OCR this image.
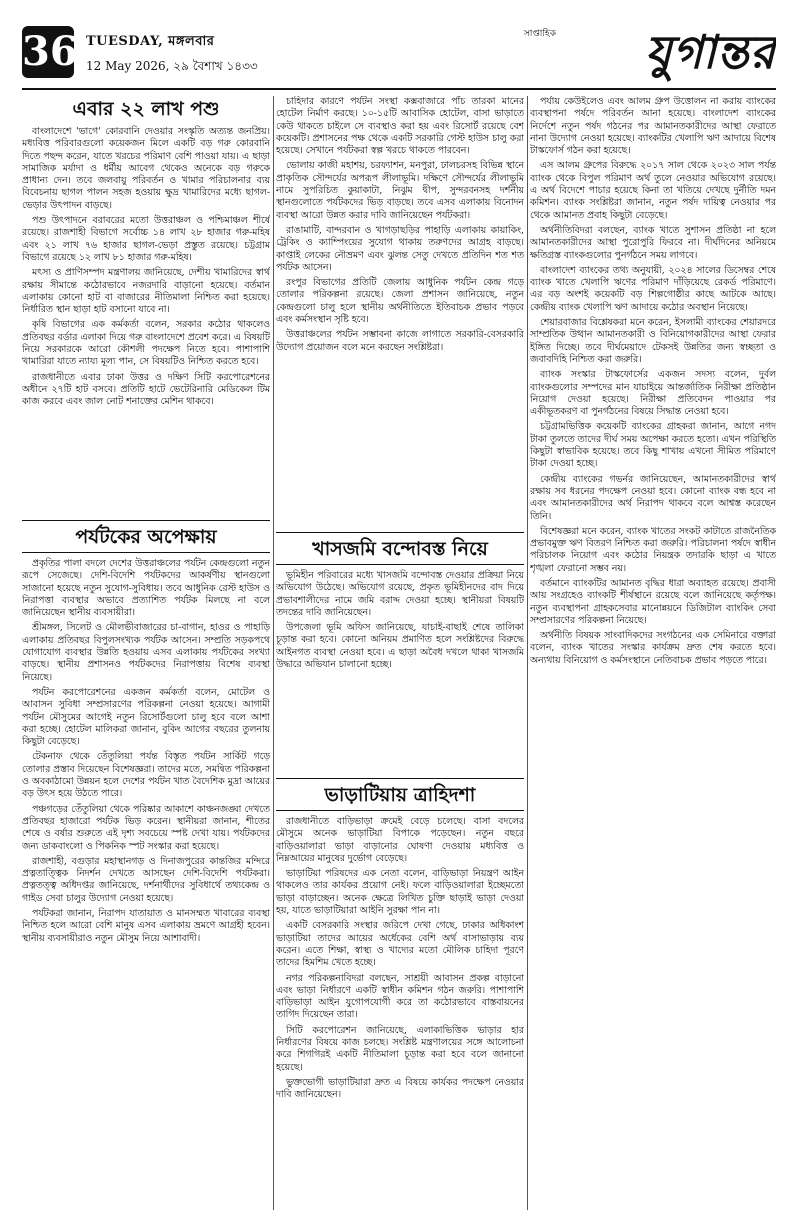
36 TUESDAY, মঙ্গলবার
12 May 2026, ২৯ বৈশাখ ১৪৩৩
সাপ্তাহিক যুগান্তর
এবার ২২ লাখ পশু

বাংলাদেশে 'ভাগে' কোরবানি দেওয়ার সংস্কৃতি অত্যন্ত জনপ্রিয়। মধ্যবিত্ত পরিবারগুলো কয়েকজন মিলে একটি বড় গরু কোরবানি দিতে পছন্দ করেন, যাতে খরচের পরিমাণ বেশি পাওয়া যায়। এ ছাড়া সামাজিক মর্যাদা ও ধর্মীয় আবেগ থেকেও অনেকে বড় গরুকে প্রাধান্য দেন। তবে জলবায়ু পরিবর্তন ও খামার পরিচালনার ব্যয় বিবেচনায় ছাগল পালন সহজ হওয়ায় ক্ষুদ্র খামারিদের মধ্যে ছাগল-ভেড়ার উৎপাদন বাড়ছে।

পশু উৎপাদনে বরাবরের মতো উত্তরাঞ্চল ও পশ্চিমাঞ্চল শীর্ষে রয়েছে। রাজশাহী বিভাগে সর্বোচ্চ ১৪ লাখ ২৮ হাজার গরু-মহিষ এবং ২১ লাখ ৭৬ হাজার ছাগল-ভেড়া প্রস্তুত রয়েছে। চট্টগ্রাম বিভাগে রয়েছে ১২ লাখ ৮১ হাজার গরু-মহিষ।

মৎস্য ও প্রাণিসম্পদ মন্ত্রণালয় জানিয়েছে, দেশীয় খামারিদের স্বার্থ রক্ষায় সীমান্তে কঠোরভাবে নজরদারি বাড়ানো হয়েছে। বর্তমান এলাকায় কোনো হাট বা বাজারের নীতিমালা নিশ্চিত করা হয়েছে। নির্ধারিত স্থান ছাড়া হাট বসানো যাবে না।

কৃষি বিভাগের এক কর্মকর্তা বলেন, সরকার কঠোর থাকলেও প্রতিবছর বর্ডার এলাকা দিয়ে গরু বাংলাদেশে প্রবেশ করে। এ বিষয়টি নিয়ে সরকারকে আরো কৌশলী পদক্ষেপ নিতে হবে। পাশাপাশি খামারিরা যাতে ন্যায্য মূল্য পান, সে বিষয়টিও নিশ্চিত করতে হবে।

রাজধানীতে এবার ঢাকা উত্তর ও দক্ষিণ সিটি করপোরেশনের অধীনে ২৭টি হাট বসবে। প্রতিটি হাটে ভেটেরিনারি মেডিকেল টিম কাজ করবে এবং জাল নোট শনাক্তের মেশিন থাকবে।

পর্যটকের অপেক্ষায়

প্রকৃতির পালা বদলে দেশের উত্তরাঞ্চলের পর্যটন কেন্দ্রগুলো নতুন রূপে সেজেছে। দেশি-বিদেশি পর্যটকদের আকর্ষণীয় স্থানগুলো সাজানো হয়েছে নতুন সুযোগ-সুবিধায়। তবে আধুনিক রেস্ট হাউস ও নিরাপত্তা ব্যবস্থার অভাবে প্রত্যাশিত পর্যটক মিলছে না বলে জানিয়েছেন স্থানীয় ব্যবসায়ীরা।

শ্রীমঙ্গল, সিলেট ও মৌলভীবাজারের চা-বাগান, হাওর ও পাহাড়ি এলাকায় প্রতিবছর বিপুলসংখ্যক পর্যটক আসেন। সম্প্রতি সড়কপথে যোগাযোগ ব্যবস্থার উন্নতি হওয়ায় এসব এলাকায় পর্যটকের সংখ্যা বাড়ছে। স্থানীয় প্রশাসনও পর্যটকদের নিরাপত্তায় বিশেষ ব্যবস্থা নিয়েছে।

পর্যটন করপোরেশনের একজন কর্মকর্তা বলেন, মোটেল ও আবাসন সুবিধা সম্প্রসারণের পরিকল্পনা নেওয়া হয়েছে। আগামী পর্যটন মৌসুমের আগেই নতুন রিসোর্টগুলো চালু হবে বলে আশা করা হচ্ছে। হোটেল মালিকরা জানান, বুকিং আগের বছরের তুলনায় কিছুটা বেড়েছে।

টেকনাফ থেকে তেঁতুলিয়া পর্যন্ত বিস্তৃত পর্যটন সার্কিট গড়ে তোলার প্রস্তাব দিয়েছেন বিশেষজ্ঞরা। তাদের মতে, সমন্বিত পরিকল্পনা ও অবকাঠামো উন্নয়ন হলে দেশের পর্যটন খাত বৈদেশিক মুদ্রা আয়ের বড় উৎস হয়ে উঠতে পারে।

পঞ্চগড়ের তেঁতুলিয়া থেকে পরিষ্কার আকাশে কাঞ্চনজঙ্ঘা দেখতে প্রতিবছর হাজারো পর্যটক ভিড় করেন। স্থানীয়রা জানান, শীতের শেষে ও বর্ষার শুরুতে এই দৃশ্য সবচেয়ে স্পষ্ট দেখা যায়। পর্যটকদের জন্য ডাকবাংলো ও পিকনিক স্পট সংস্কার করা হয়েছে।

রাজশাহী, বগুড়ার মহাস্থানগড় ও দিনাজপুরের কান্তজির মন্দিরে প্রত্নতাত্ত্বিক নিদর্শন দেখতে আসছেন দেশি-বিদেশি পর্যটকরা। প্রত্নতত্ত্ব অধিদপ্তর জানিয়েছে, দর্শনার্থীদের সুবিধার্থে তথ্যকেন্দ্র ও গাইড সেবা চালুর উদ্যোগ নেওয়া হয়েছে।

পর্যটকরা জানান, নিরাপদ যাতায়াত ও মানসম্মত খাবারের ব্যবস্থা নিশ্চিত হলে আরো বেশি মানুষ এসব এলাকায় ভ্রমণে আগ্রহী হবেন। স্থানীয় ব্যবসায়ীরাও নতুন মৌসুম নিয়ে আশাবাদী।

চাহিদার কারণে পর্যটন সংস্থা কক্সবাজারে পাঁচ তারকা মানের হোটেল নির্মাণ করছে। ১০-১৫টি আবাসিক হোটেল, বাসা ভাড়াতে কেউ থাকতে চাইলে সে ব্যবস্থাও করা হয় এবং রিসোর্ট রয়েছে বেশ কয়েকটি। প্রশাসনের পক্ষ থেকে একটি সরকারি গেস্ট হাউস চালু করা হয়েছে। সেখানে পর্যটকরা স্বল্প খরচে থাকতে পারবেন।

ভোলায় কাজী মহাশয়, চরফ্যাশন, মনপুরা, ঢালচরসহ বিভিন্ন স্থানে প্রাকৃতিক সৌন্দর্যের অপরূপ লীলাভূমি। দক্ষিণে সৌন্দর্যের লীলাভূমি নামে সুপরিচিত কুয়াকাটা, নিঝুম দ্বীপ, সুন্দরবনসহ দর্শনীয় স্থানগুলোতে পর্যটকদের ভিড় বাড়ছে। তবে এসব এলাকায় বিনোদন ব্যবস্থা আরো উন্নত করার দাবি জানিয়েছেন পর্যটকরা।

রাঙামাটি, বান্দরবান ও খাগড়াছড়ির পাহাড়ি এলাকায় কায়াকিং, ট্রেকিং ও ক্যাম্পিংয়ের সুযোগ থাকায় তরুণদের আগ্রহ বাড়ছে। কাপ্তাই লেকের নৌভ্রমণ এবং ঝুলন্ত সেতু দেখতে প্রতিদিন শত শত পর্যটক আসেন।

রংপুর বিভাগের প্রতিটি জেলায় আধুনিক পর্যটন কেন্দ্র গড়ে তোলার পরিকল্পনা রয়েছে। জেলা প্রশাসন জানিয়েছে, নতুন কেন্দ্রগুলো চালু হলে স্থানীয় অর্থনীতিতে ইতিবাচক প্রভাব পড়বে এবং কর্মসংস্থান সৃষ্টি হবে।

উত্তরাঞ্চলের পর্যটন সম্ভাবনা কাজে লাগাতে সরকারি-বেসরকারি উদ্যোগ প্রয়োজন বলে মনে করছেন সংশ্লিষ্টরা।

খাসজমি বন্দোবস্ত নিয়ে

ভূমিহীন পরিবারের মধ্যে খাসজমি বন্দোবস্ত দেওয়ার প্রক্রিয়া নিয়ে অভিযোগ উঠেছে। অভিযোগ রয়েছে, প্রকৃত ভূমিহীনদের বাদ দিয়ে প্রভাবশালীদের নামে জমি বরাদ্দ দেওয়া হচ্ছে। স্থানীয়রা বিষয়টি তদন্তের দাবি জানিয়েছেন।

উপজেলা ভূমি অফিস জানিয়েছে, যাচাই-বাছাই শেষে তালিকা চূড়ান্ত করা হবে। কোনো অনিয়ম প্রমাণিত হলে সংশ্লিষ্টদের বিরুদ্ধে আইনগত ব্যবস্থা নেওয়া হবে। এ ছাড়া অবৈধ দখলে থাকা খাসজমি উদ্ধারে অভিযান চালানো হচ্ছে।

ভাড়াটিয়ায় ত্রাহিদশা

রাজধানীতে বাড়িভাড়া ক্রমেই বেড়ে চলেছে। বাসা বদলের মৌসুমে অনেক ভাড়াটিয়া বিপাকে পড়েছেন। নতুন বছরে বাড়িওয়ালারা ভাড়া বাড়ানোর ঘোষণা দেওয়ায় মধ্যবিত্ত ও নিম্নআয়ের মানুষের দুর্ভোগ বেড়েছে।

ভাড়াটিয়া পরিষদের এক নেতা বলেন, বাড়িভাড়া নিয়ন্ত্রণ আইন থাকলেও তার কার্যকর প্রয়োগ নেই। ফলে বাড়িওয়ালারা ইচ্ছেমতো ভাড়া বাড়াচ্ছেন। অনেক ক্ষেত্রে লিখিত চুক্তি ছাড়াই ভাড়া দেওয়া হয়, যাতে ভাড়াটিয়ারা আইনি সুরক্ষা পান না।

একটি বেসরকারি সংস্থার জরিপে দেখা গেছে, ঢাকার অধিকাংশ ভাড়াটিয়া তাদের আয়ের অর্ধেকের বেশি অর্থ বাসাভাড়ায় ব্যয় করেন। এতে শিক্ষা, স্বাস্থ্য ও খাদ্যের মতো মৌলিক চাহিদা পূরণে তাদের হিমশিম খেতে হচ্ছে।

নগর পরিকল্পনাবিদরা বলছেন, সাশ্রয়ী আবাসন প্রকল্প বাড়ানো এবং ভাড়া নির্ধারণে একটি স্বাধীন কমিশন গঠন জরুরি। পাশাপাশি বাড়িভাড়া আইন যুগোপযোগী করে তা কঠোরভাবে বাস্তবায়নের তাগিদ দিয়েছেন তারা।

সিটি করপোরেশন জানিয়েছে, এলাকাভিত্তিক ভাড়ার হার নির্ধারণের বিষয়ে কাজ চলছে। সংশ্লিষ্ট মন্ত্রণালয়ের সঙ্গে আলোচনা করে শিগগিরই একটি নীতিমালা চূড়ান্ত করা হবে বলে জানানো হয়েছে।

ভুক্তভোগী ভাড়াটিয়ারা দ্রুত এ বিষয়ে কার্যকর পদক্ষেপ নেওয়ার দাবি জানিয়েছেন।

পর্যায় কেউইলেও এবং আলম গ্রুপ উত্তোলন না করায় ব্যাংকের ব্যবস্থাপনা পর্ষদে পরিবর্তন আনা হয়েছে। বাংলাদেশ ব্যাংকের নির্দেশে নতুন পর্ষদ গঠনের পর আমানতকারীদের আস্থা ফেরাতে নানা উদ্যোগ নেওয়া হয়েছে। ব্যাংকটির খেলাপি ঋণ আদায়ে বিশেষ টাস্কফোর্স গঠন করা হয়েছে।

এস আলম গ্রুপের বিরুদ্ধে ২০১৭ সাল থেকে ২০২৩ সাল পর্যন্ত ব্যাংক থেকে বিপুল পরিমাণ অর্থ তুলে নেওয়ার অভিযোগ রয়েছে। এ অর্থ বিদেশে পাচার হয়েছে কিনা তা খতিয়ে দেখছে দুর্নীতি দমন কমিশন। ব্যাংক সংশ্লিষ্টরা জানান, নতুন পর্ষদ দায়িত্ব নেওয়ার পর থেকে আমানত প্রবাহ কিছুটা বেড়েছে।

অর্থনীতিবিদরা বলছেন, ব্যাংক খাতে সুশাসন প্রতিষ্ঠা না হলে আমানতকারীদের আস্থা পুরোপুরি ফিরবে না। দীর্ঘদিনের অনিয়মে ক্ষতিগ্রস্ত ব্যাংকগুলোর পুনর্গঠনে সময় লাগবে।

বাংলাদেশ ব্যাংকের তথ্য অনুযায়ী, ২০২৪ সালের ডিসেম্বর শেষে ব্যাংক খাতে খেলাপি ঋণের পরিমাণ দাঁড়িয়েছে রেকর্ড পরিমাণে। এর বড় অংশই কয়েকটি বড় শিল্পগোষ্ঠীর কাছে আটকে আছে। কেন্দ্রীয় ব্যাংক খেলাপি ঋণ আদায়ে কঠোর অবস্থান নিয়েছে।

শেয়ারবাজার বিশ্লেষকরা মনে করেন, ইসলামী ব্যাংকের শেয়ারদরে সাম্প্রতিক উত্থান আমানতকারী ও বিনিয়োগকারীদের আস্থা ফেরার ইঙ্গিত দিচ্ছে। তবে দীর্ঘমেয়াদে টেকসই উন্নতির জন্য স্বচ্ছতা ও জবাবদিহি নিশ্চিত করা জরুরি।

ব্যাংক সংস্কার টাস্কফোর্সের একজন সদস্য বলেন, দুর্বল ব্যাংকগুলোর সম্পদের মান যাচাইয়ে আন্তর্জাতিক নিরীক্ষা প্রতিষ্ঠান নিয়োগ দেওয়া হয়েছে। নিরীক্ষা প্রতিবেদন পাওয়ার পর একীভূতকরণ বা পুনর্গঠনের বিষয়ে সিদ্ধান্ত নেওয়া হবে।

চট্টগ্রামভিত্তিক কয়েকটি ব্যাংকের গ্রাহকরা জানান, আগে নগদ টাকা তুলতে তাদের দীর্ঘ সময় অপেক্ষা করতে হতো। এখন পরিস্থিতি কিছুটা স্বাভাবিক হয়েছে। তবে কিছু শাখায় এখনো সীমিত পরিমাণে টাকা দেওয়া হচ্ছে।

কেন্দ্রীয় ব্যাংকের গভর্নর জানিয়েছেন, আমানতকারীদের স্বার্থ রক্ষায় সব ধরনের পদক্ষেপ নেওয়া হবে। কোনো ব্যাংক বন্ধ হবে না এবং আমানতকারীদের অর্থ নিরাপদ থাকবে বলে আশ্বস্ত করেছেন তিনি।

বিশেষজ্ঞরা মনে করেন, ব্যাংক খাতের সংকট কাটাতে রাজনৈতিক প্রভাবমুক্ত ঋণ বিতরণ নিশ্চিত করা জরুরি। পরিচালনা পর্ষদে স্বাধীন পরিচালক নিয়োগ এবং কঠোর নিয়ন্ত্রক তদারকি ছাড়া এ খাতে শৃঙ্খলা ফেরানো সম্ভব নয়।

বর্তমানে ব্যাংকটির আমানত বৃদ্ধির ধারা অব্যাহত রয়েছে। প্রবাসী আয় সংগ্রহেও ব্যাংকটি শীর্ষস্থানে রয়েছে বলে জানিয়েছে কর্তৃপক্ষ। নতুন ব্যবস্থাপনা গ্রাহকসেবার মানোন্নয়নে ডিজিটাল ব্যাংকিং সেবা সম্প্রসারণের পরিকল্পনা নিয়েছে।

অর্থনীতি বিষয়ক সাংবাদিকদের সংগঠনের এক সেমিনারে বক্তারা বলেন, ব্যাংক খাতের সংস্কার কার্যক্রম দ্রুত শেষ করতে হবে। অন্যথায় বিনিয়োগ ও কর্মসংস্থানে নেতিবাচক প্রভাব পড়তে পারে।
